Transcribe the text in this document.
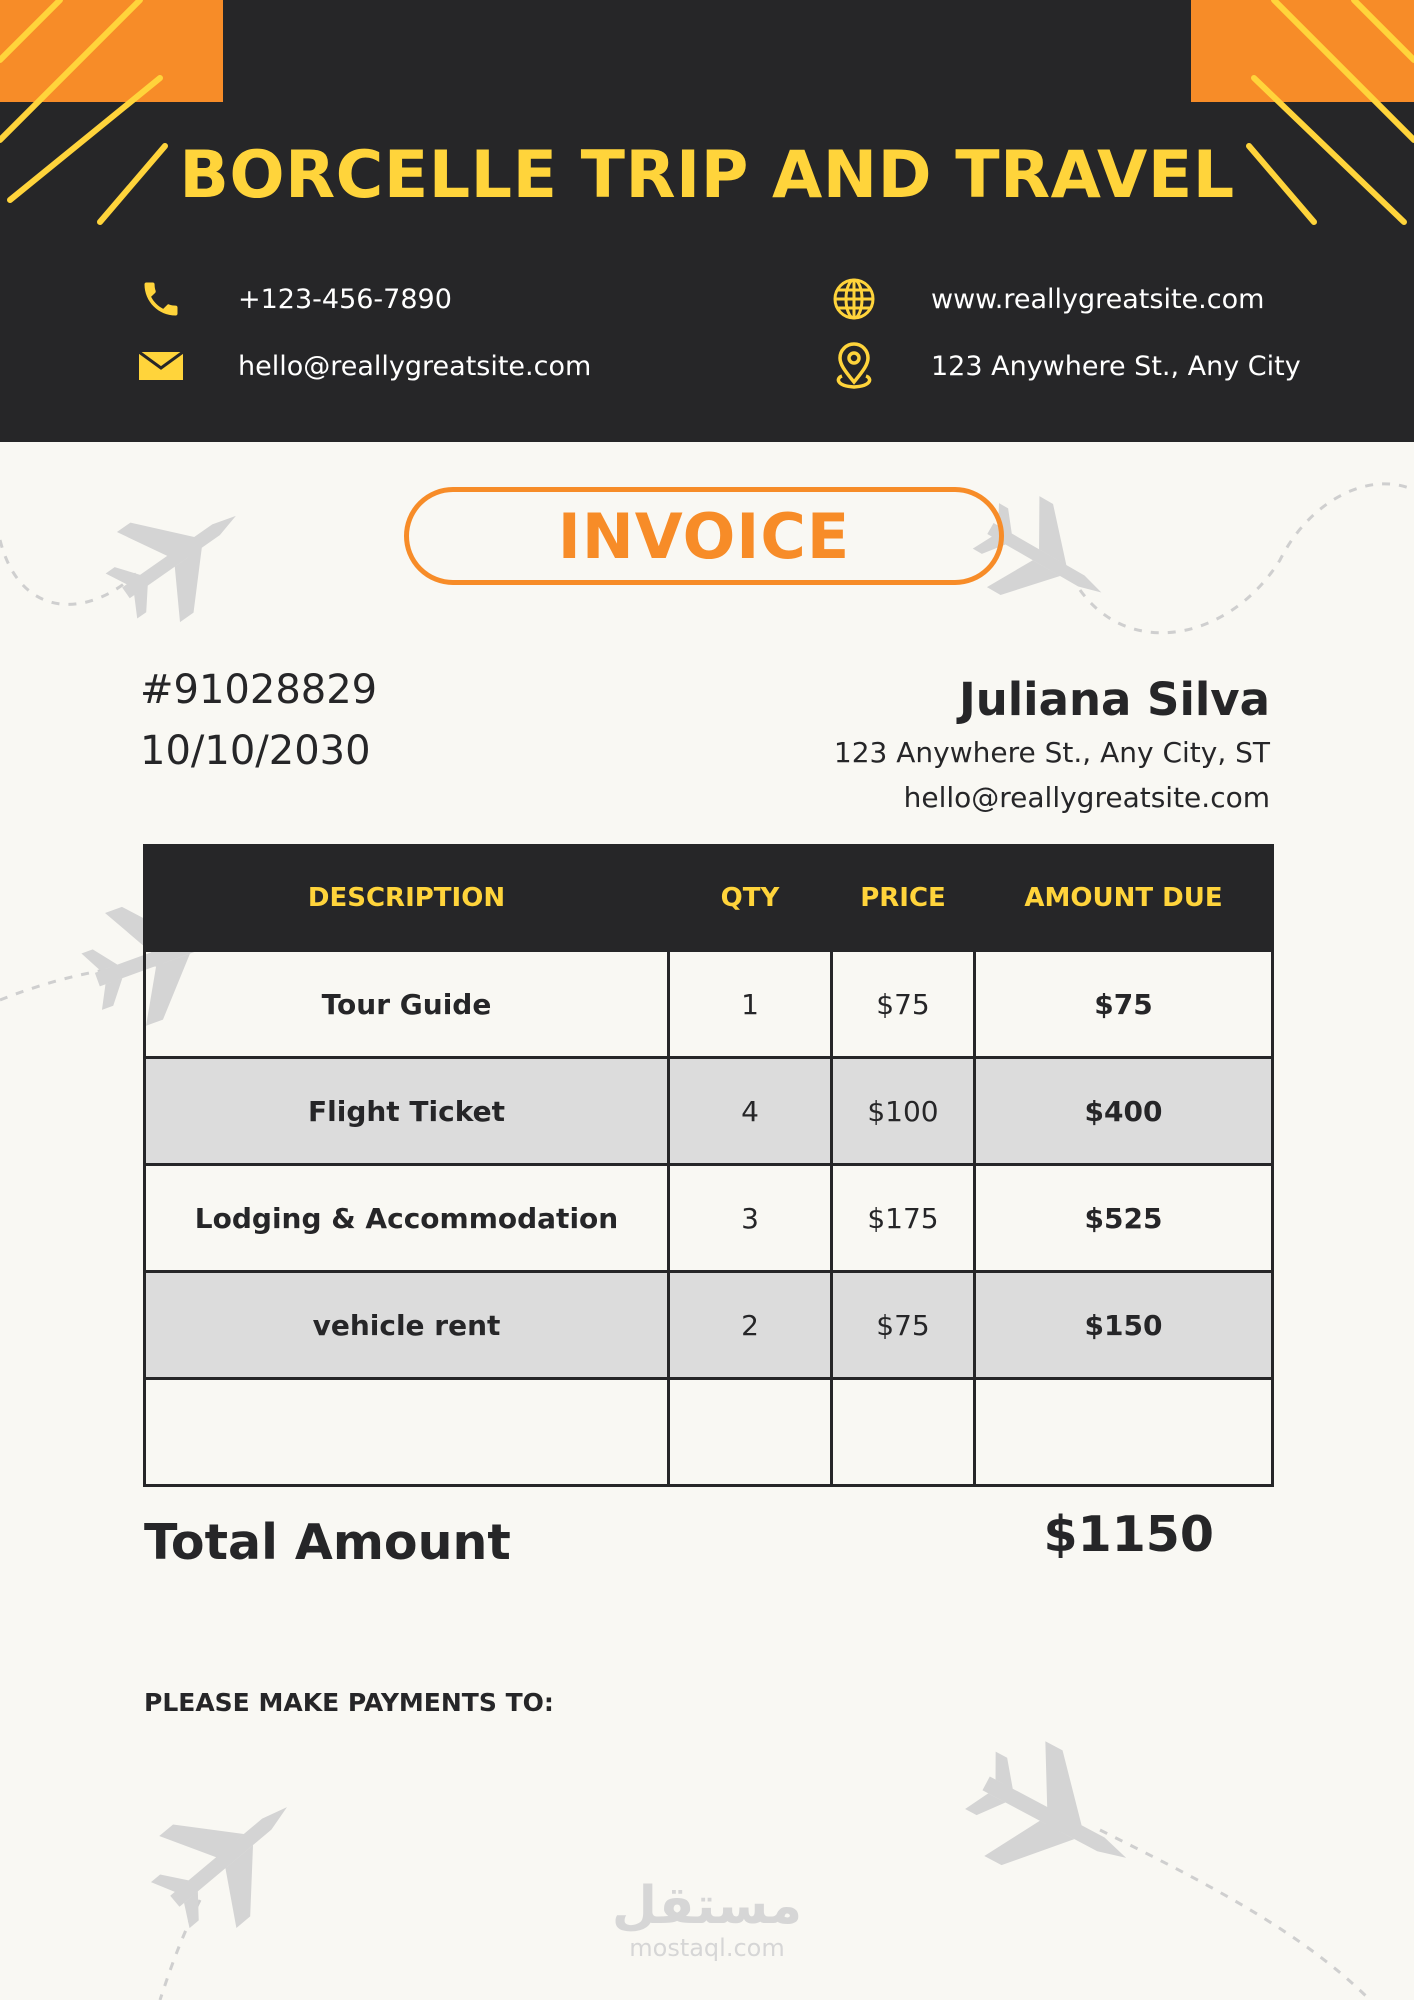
BORCELLE TRIP AND TRAVEL
+123-456-7890
hello@reallygreatsite.com
www.reallygreatsite.com
123 Anywhere St., Any City
INVOICE
#91028829
10/10/2030
Juliana Silva
123 Anywhere St., Any City, ST
hello@reallygreatsite.com
DESCRIPTION	QTY	PRICE	AMOUNT DUE
Tour Guide	1	$75	$75
Flight Ticket	4	$100	$400
Lodging & Accommodation	3	$175	$525
vehicle rent	2	$75	$150

Total Amount	$1150
PLEASE MAKE PAYMENTS TO:
مستقل
mostaql.com
